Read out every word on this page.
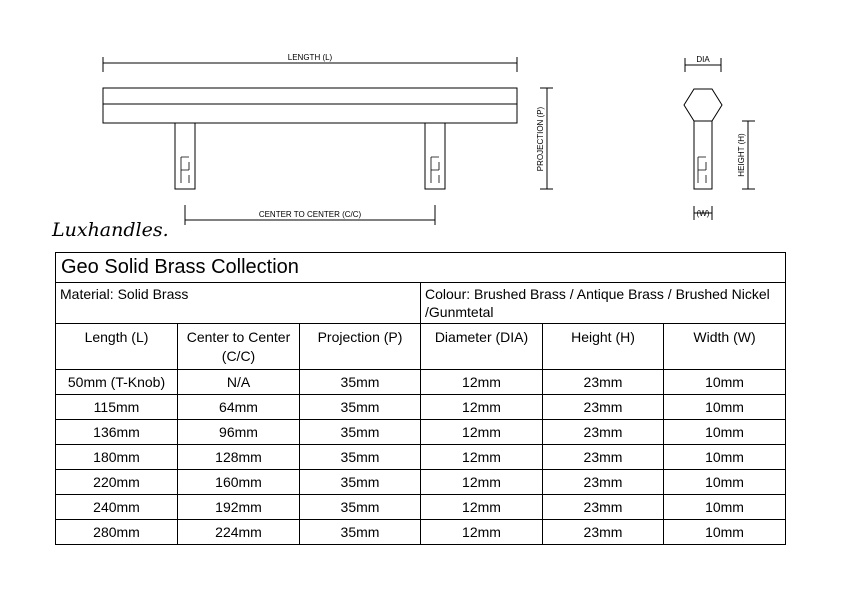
LENGTH (L)
CENTER TO CENTER (C/C)
PROJECTION (P)
DIA
HEIGHT (H)
(W)
Luxhandles.
Geo Solid Brass Collection					
Material: Solid Brass			Colour: Brushed Brass / Antique Brass / Brushed Nickel /Gunmtetal		
Length (L)	Center to Center (C/C)	Projection (P)	Diameter (DIA)	Height (H)	Width (W)
50mm (T-Knob)	N/A	35mm	12mm	23mm	10mm
115mm	64mm	35mm	12mm	23mm	10mm
136mm	96mm	35mm	12mm	23mm	10mm
180mm	128mm	35mm	12mm	23mm	10mm
220mm	160mm	35mm	12mm	23mm	10mm
240mm	192mm	35mm	12mm	23mm	10mm
280mm	224mm	35mm	12mm	23mm	10mm
